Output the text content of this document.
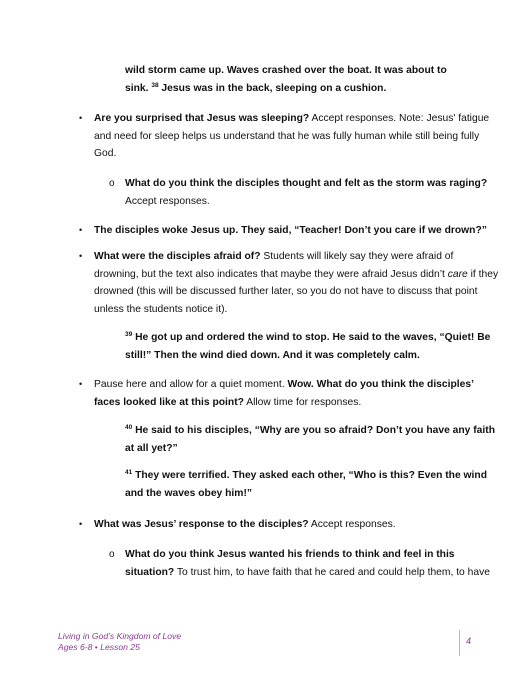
wild storm came up. Waves crashed over the boat. It was about to
sink. $^{38}$ Jesus was in the back, sleeping on a cushion.
• Are you surprised that Jesus was sleeping? Accept responses. Note: Jesus' fatigue
and need for sleep helps us understand that he was fully human while still being fully
God.
o What do you think the disciples thought and felt as the storm was raging?
Accept responses.
• The disciples woke Jesus up. They said, “Teacher! Don’t you care if we drown?”
• What were the disciples afraid of? Students will likely say they were afraid of
drowning, but the text also indicates that maybe they were afraid Jesus didn’t care if they
drowned (this will be discussed further later, so you do not have to discuss that point
unless the students notice it).
$^{39}$ He got up and ordered the wind to stop. He said to the waves, “Quiet! Be
still!” Then the wind died down. And it was completely calm.
• Pause here and allow for a quiet moment. Wow. What do you think the disciples’
faces looked like at this point? Allow time for responses.
$^{40}$ He said to his disciples, “Why are you so afraid? Don’t you have any faith
at all yet?”
$^{41}$ They were terrified. They asked each other, “Who is this? Even the wind
and the waves obey him!”
• What was Jesus’ response to the disciples? Accept responses.
o What do you think Jesus wanted his friends to think and feel in this
situation? To trust him, to have faith that he cared and could help them, to have
Living in God’s Kingdom of Love
Ages 6-8 • Lesson 25
4
